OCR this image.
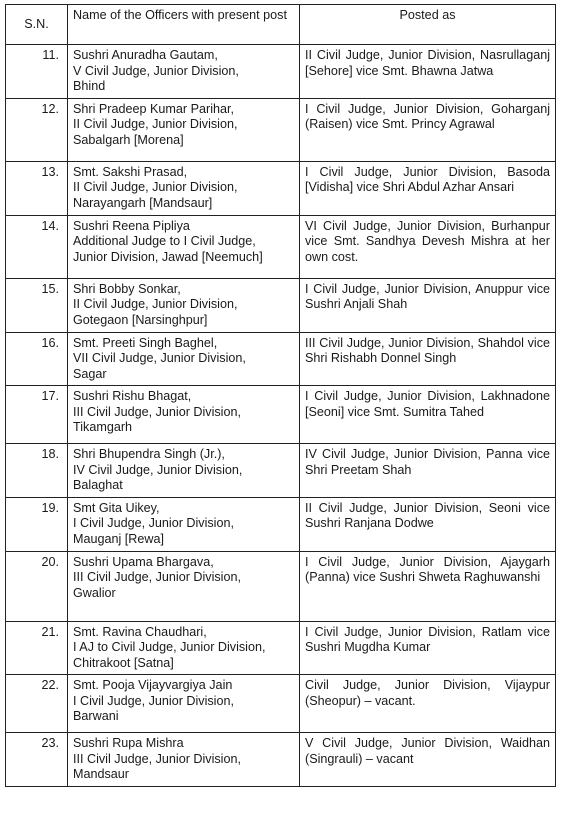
S.N.	Name of the Officers with present post	Posted as
11.	Sushri Anuradha Gautam,
V Civil Judge, Junior Division,
Bhind	II Civil Judge, Junior Division, Nasrullaganj [Sehore] vice Smt. Bhawna Jatwa
12.	Shri Pradeep Kumar Parihar,
II Civil Judge, Junior Division,
Sabalgarh [Morena]	I Civil Judge, Junior Division, Goharganj (Raisen) vice Smt. Princy Agrawal
13.	Smt. Sakshi Prasad,
II Civil Judge, Junior Division,
Narayangarh [Mandsaur]	I Civil Judge, Junior Division, Basoda [Vidisha] vice Shri Abdul Azhar Ansari
14.	Sushri Reena Pipliya
Additional Judge to I Civil Judge,
Junior Division, Jawad [Neemuch]	VI Civil Judge, Junior Division, Burhanpur vice Smt. Sandhya Devesh Mishra at her own cost.
15.	Shri Bobby Sonkar,
II Civil Judge, Junior Division,
Gotegaon [Narsinghpur]	I Civil Judge, Junior Division, Anuppur vice Sushri Anjali Shah
16.	Smt. Preeti Singh Baghel,
VII Civil Judge, Junior Division,
Sagar	III Civil Judge, Junior Division, Shahdol vice Shri Rishabh Donnel Singh
17.	Sushri Rishu Bhagat,
III Civil Judge, Junior Division,
Tikamgarh	I Civil Judge, Junior Division, Lakhnadone [Seoni] vice Smt. Sumitra Tahed
18.	Shri Bhupendra Singh (Jr.),
IV Civil Judge, Junior Division,
Balaghat	IV Civil Judge, Junior Division, Panna vice Shri Preetam Shah
19.	Smt Gita Uikey,
I Civil Judge, Junior Division,
Mauganj [Rewa]	II Civil Judge, Junior Division, Seoni vice Sushri Ranjana Dodwe
20.	Sushri Upama Bhargava,
III Civil Judge, Junior Division,
Gwalior	I Civil Judge, Junior Division, Ajaygarh (Panna) vice Sushri Shweta Raghuwanshi
21.	Smt. Ravina Chaudhari,
I AJ to Civil Judge, Junior Division,
Chitrakoot [Satna]	I Civil Judge, Junior Division, Ratlam vice Sushri Mugdha Kumar
22.	Smt. Pooja Vijayvargiya Jain
I Civil Judge, Junior Division,
Barwani	Civil Judge, Junior Division, Vijaypur (Sheopur) – vacant.
23.	Sushri Rupa Mishra
III Civil Judge, Junior Division,
Mandsaur	V Civil Judge, Junior Division, Waidhan (Singrauli) – vacant
